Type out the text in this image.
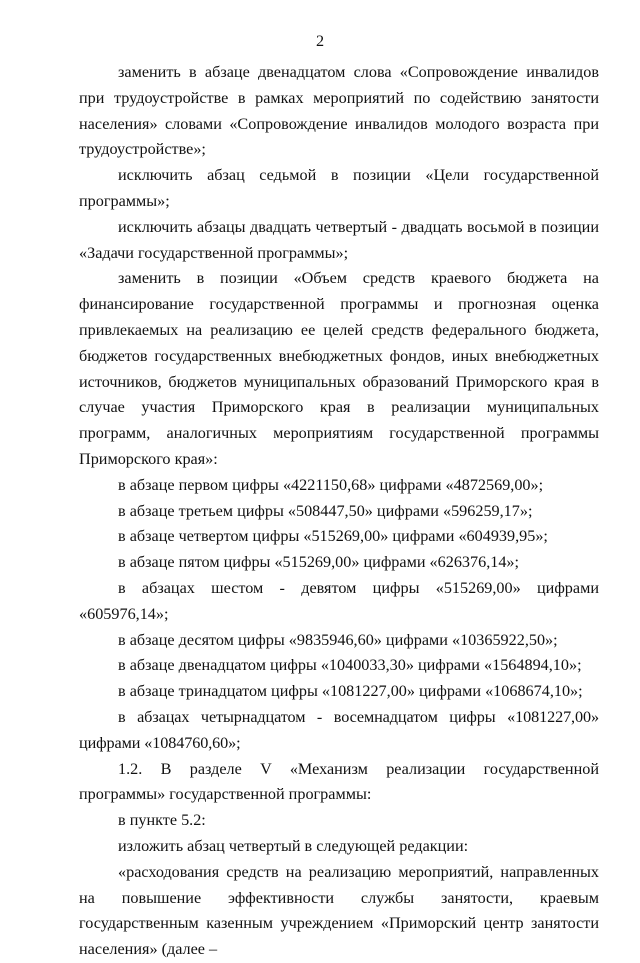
2

заменить в абзаце двенадцатом слова «Сопровождение инвалидов при трудоустройстве в рамках мероприятий по содействию занятости населения» словами «Сопровождение инвалидов молодого возраста при трудоустройстве»;

исключить абзац седьмой в позиции «Цели государственной программы»;

исключить абзацы двадцать четвертый - двадцать восьмой в позиции «Задачи государственной программы»;

заменить в позиции «Объем средств краевого бюджета на финансирование государственной программы и прогнозная оценка привлекаемых на реализацию ее целей средств федерального бюджета, бюджетов государственных внебюджетных фондов, иных внебюджетных источников, бюджетов муниципальных образований Приморского края в случае участия Приморского края в реализации муниципальных программ, аналогичных мероприятиям государственной программы Приморского края»:

в абзаце первом цифры «4221150,68» цифрами «4872569,00»;

в абзаце третьем цифры «508447,50» цифрами «596259,17»;

в абзаце четвертом цифры «515269,00» цифрами «604939,95»;

в абзаце пятом цифры «515269,00» цифрами «626376,14»;

в абзацах шестом - девятом цифры «515269,00» цифрами «605976,14»;

в абзаце десятом цифры «9835946,60» цифрами «10365922,50»;

в абзаце двенадцатом цифры «1040033,30» цифрами «1564894,10»;

в абзаце тринадцатом цифры «1081227,00» цифрами «1068674,10»;

в абзацах четырнадцатом - восемнадцатом цифры «1081227,00» цифрами «1084760,60»;

1.2. В разделе V «Механизм реализации государственной программы» государственной программы:

в пункте 5.2:

изложить абзац четвертый в следующей редакции:

«расходования средств на реализацию мероприятий, направленных на повышение эффективности службы занятости, краевым государственным казенным учреждением «Приморский центр занятости населения» (далее –
